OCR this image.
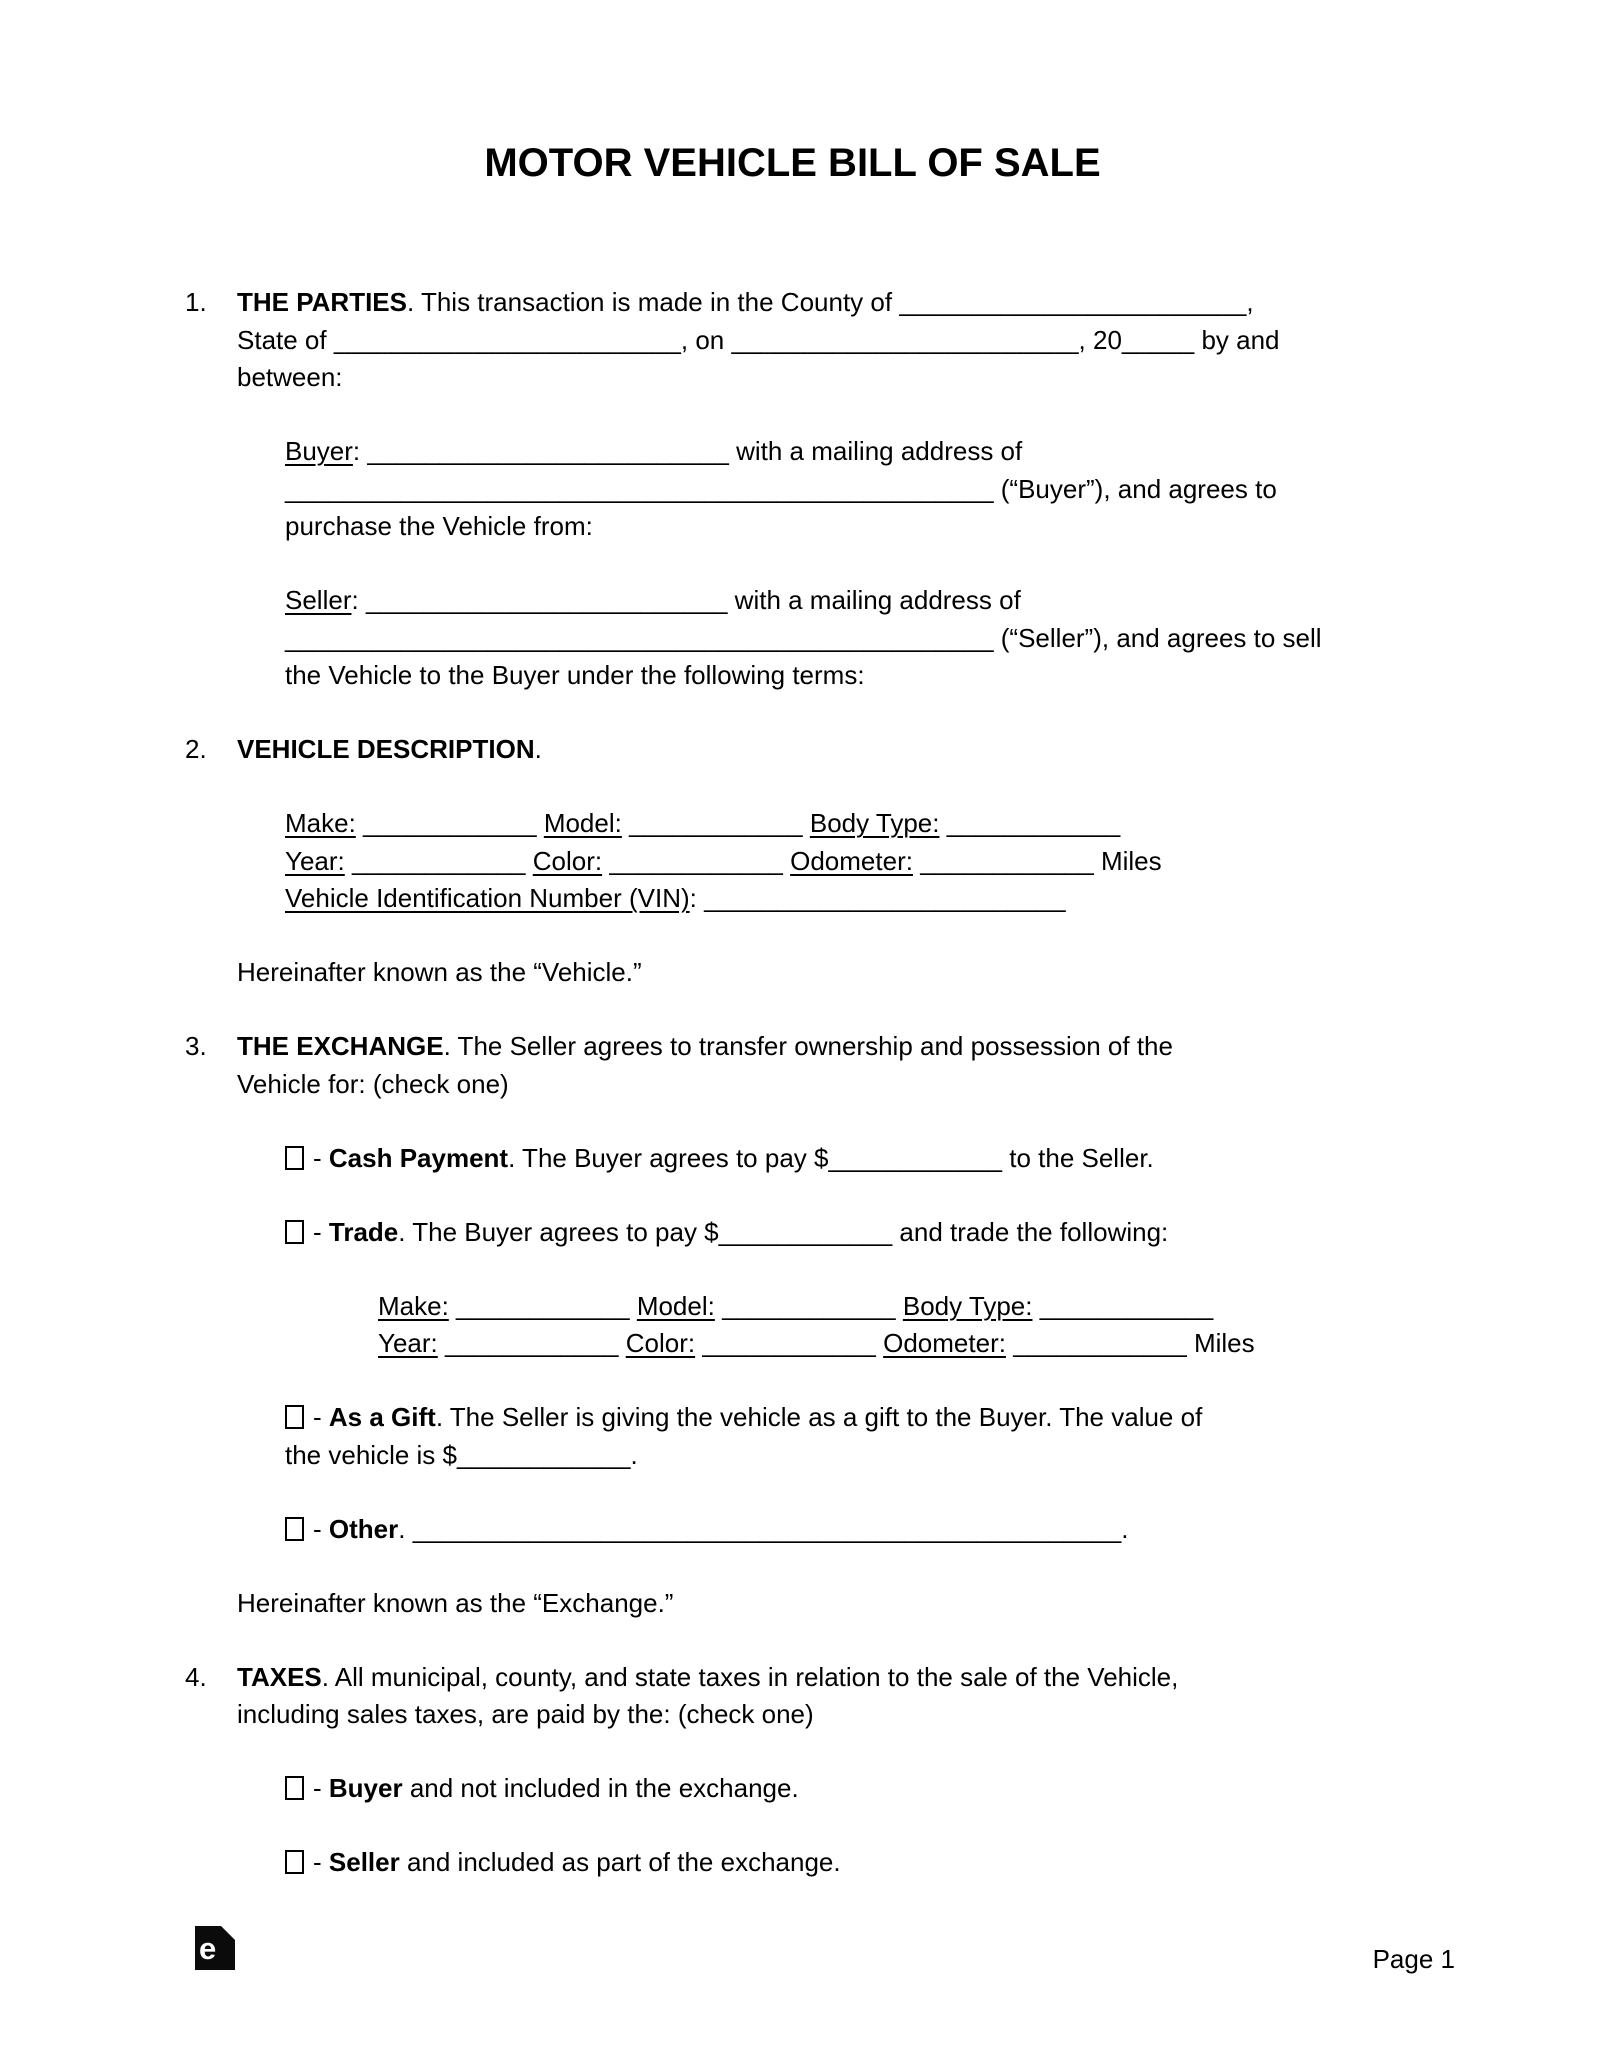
MOTOR VEHICLE BILL OF SALE
1. THE PARTIES. This transaction is made in the County of ________________________,
State of ________________________, on ________________________, 20_____ by and
between:
Buyer: _________________________ with a mailing address of
_________________________________________________ (“Buyer”), and agrees to
purchase the Vehicle from:
Seller: _________________________ with a mailing address of
_________________________________________________ (“Seller”), and agrees to sell
the Vehicle to the Buyer under the following terms:
2. VEHICLE DESCRIPTION.
Make: ____________ Model: ____________ Body Type: ____________
Year: ____________ Color: ____________ Odometer: ____________ Miles
Vehicle Identification Number (VIN): _________________________
Hereinafter known as the “Vehicle.”
3. THE EXCHANGE. The Seller agrees to transfer ownership and possession of the
Vehicle for: (check one)
- Cash Payment. The Buyer agrees to pay $____________ to the Seller.
- Trade. The Buyer agrees to pay $____________ and trade the following:
Make: ____________ Model: ____________ Body Type: ____________
Year: ____________ Color: ____________ Odometer: ____________ Miles
- As a Gift. The Seller is giving the vehicle as a gift to the Buyer. The value of
the vehicle is $____________.
- Other. _________________________________________________.
Hereinafter known as the “Exchange.”
4. TAXES. All municipal, county, and state taxes in relation to the sale of the Vehicle,
including sales taxes, are paid by the: (check one)
- Buyer and not included in the exchange.
- Seller and included as part of the exchange.
e	Page 1
